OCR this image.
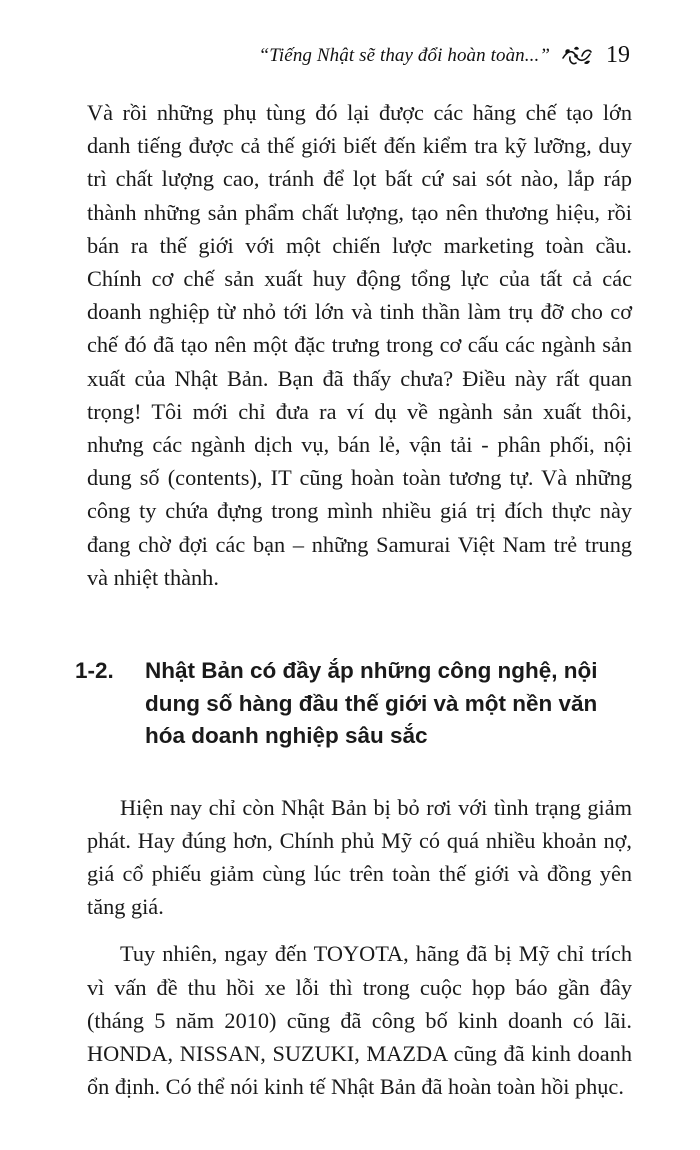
“Tiếng Nhật sẽ thay đổi hoàn toàn...” 19

Và rồi những phụ tùng đó lại được các hãng chế tạo lớn danh tiếng được cả thế giới biết đến kiểm tra kỹ lưỡng, duy trì chất lượng cao, tránh để lọt bất cứ sai sót nào, lắp ráp thành những sản phẩm chất lượng, tạo nên thương hiệu, rồi bán ra thế giới với một chiến lược marketing toàn cầu. Chính cơ chế sản xuất huy động tổng lực của tất cả các doanh nghiệp từ nhỏ tới lớn và tinh thần làm trụ đỡ cho cơ chế đó đã tạo nên một đặc trưng trong cơ cấu các ngành sản xuất của Nhật Bản. Bạn đã thấy chưa? Điều này rất quan trọng! Tôi mới chỉ đưa ra ví dụ về ngành sản xuất thôi, nhưng các ngành dịch vụ, bán lẻ, vận tải - phân phối, nội dung số (contents), IT cũng hoàn toàn tương tự. Và những công ty chứa đựng trong mình nhiều giá trị đích thực này đang chờ đợi các bạn – những Samurai Việt Nam trẻ trung và nhiệt thành.

1-2.	Nhật Bản có đầy ắp những công nghệ, nội dung số hàng đầu thế giới và một nền văn hóa doanh nghiệp sâu sắc

Hiện nay chỉ còn Nhật Bản bị bỏ rơi với tình trạng giảm phát. Hay đúng hơn, Chính phủ Mỹ có quá nhiều khoản nợ, giá cổ phiếu giảm cùng lúc trên toàn thế giới và đồng yên tăng giá.

Tuy nhiên, ngay đến TOYOTA, hãng đã bị Mỹ chỉ trích vì vấn đề thu hồi xe lỗi thì trong cuộc họp báo gần đây (tháng 5 năm 2010) cũng đã công bố kinh doanh có lãi. HONDA, NISSAN, SUZUKI, MAZDA cũng đã kinh doanh ổn định. Có thể nói kinh tế Nhật Bản đã hoàn toàn hồi phục.
